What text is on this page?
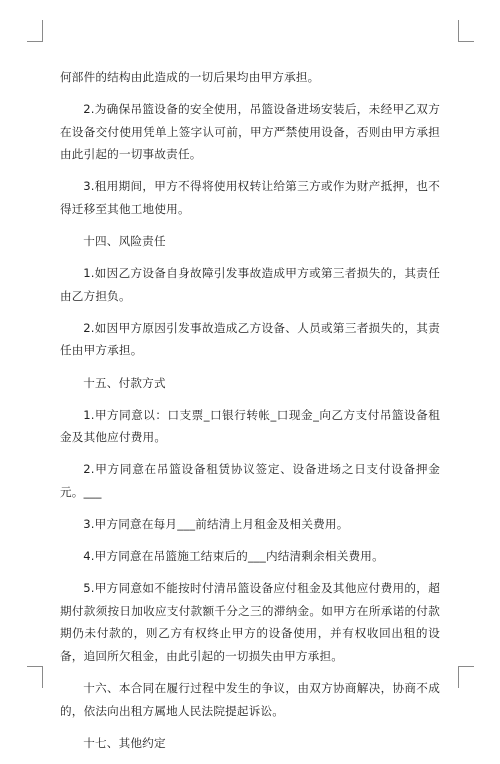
何部件的结构由此造成的一切后果均由甲方承担。

2.为确保吊篮设备的安全使用，吊篮设备进场安装后，未经甲乙双方在设备交付使用凭单上签字认可前，甲方严禁使用设备，否则由甲方承担由此引起的一切事故责任。

3.租用期间，甲方不得将使用权转让给第三方或作为财产抵押，也不得迁移至其他工地使用。

十四、风险责任

1.如因乙方设备自身故障引发事故造成甲方或第三者损失的，其责任由乙方担负。

2.如因甲方原因引发事故造成乙方设备、人员或第三者损失的，其责任由甲方承担。

十五、付款方式

1.甲方同意以：口支票_口银行转帐_口现金_向乙方支付吊篮设备租金及其他应付费用。

2.甲方同意在吊篮设备租赁协议签定、设备进场之日支付设备押金元。___

3.甲方同意在每月___前结清上月租金及相关费用。

4.甲方同意在吊篮施工结束后的___内结清剩余相关费用。

5.甲方同意如不能按时付清吊篮设备应付租金及其他应付费用的，超期付款须按日加收应支付款额千分之三的滞纳金。如甲方在所承诺的付款期仍未付款的，则乙方有权终止甲方的设备使用，并有权收回出租的设备，追回所欠租金，由此引起的一切损失由甲方承担。

十六、本合同在履行过程中发生的争议，由双方协商解决，协商不成的，依法向出租方属地人民法院提起诉讼。

十七、其他约定
